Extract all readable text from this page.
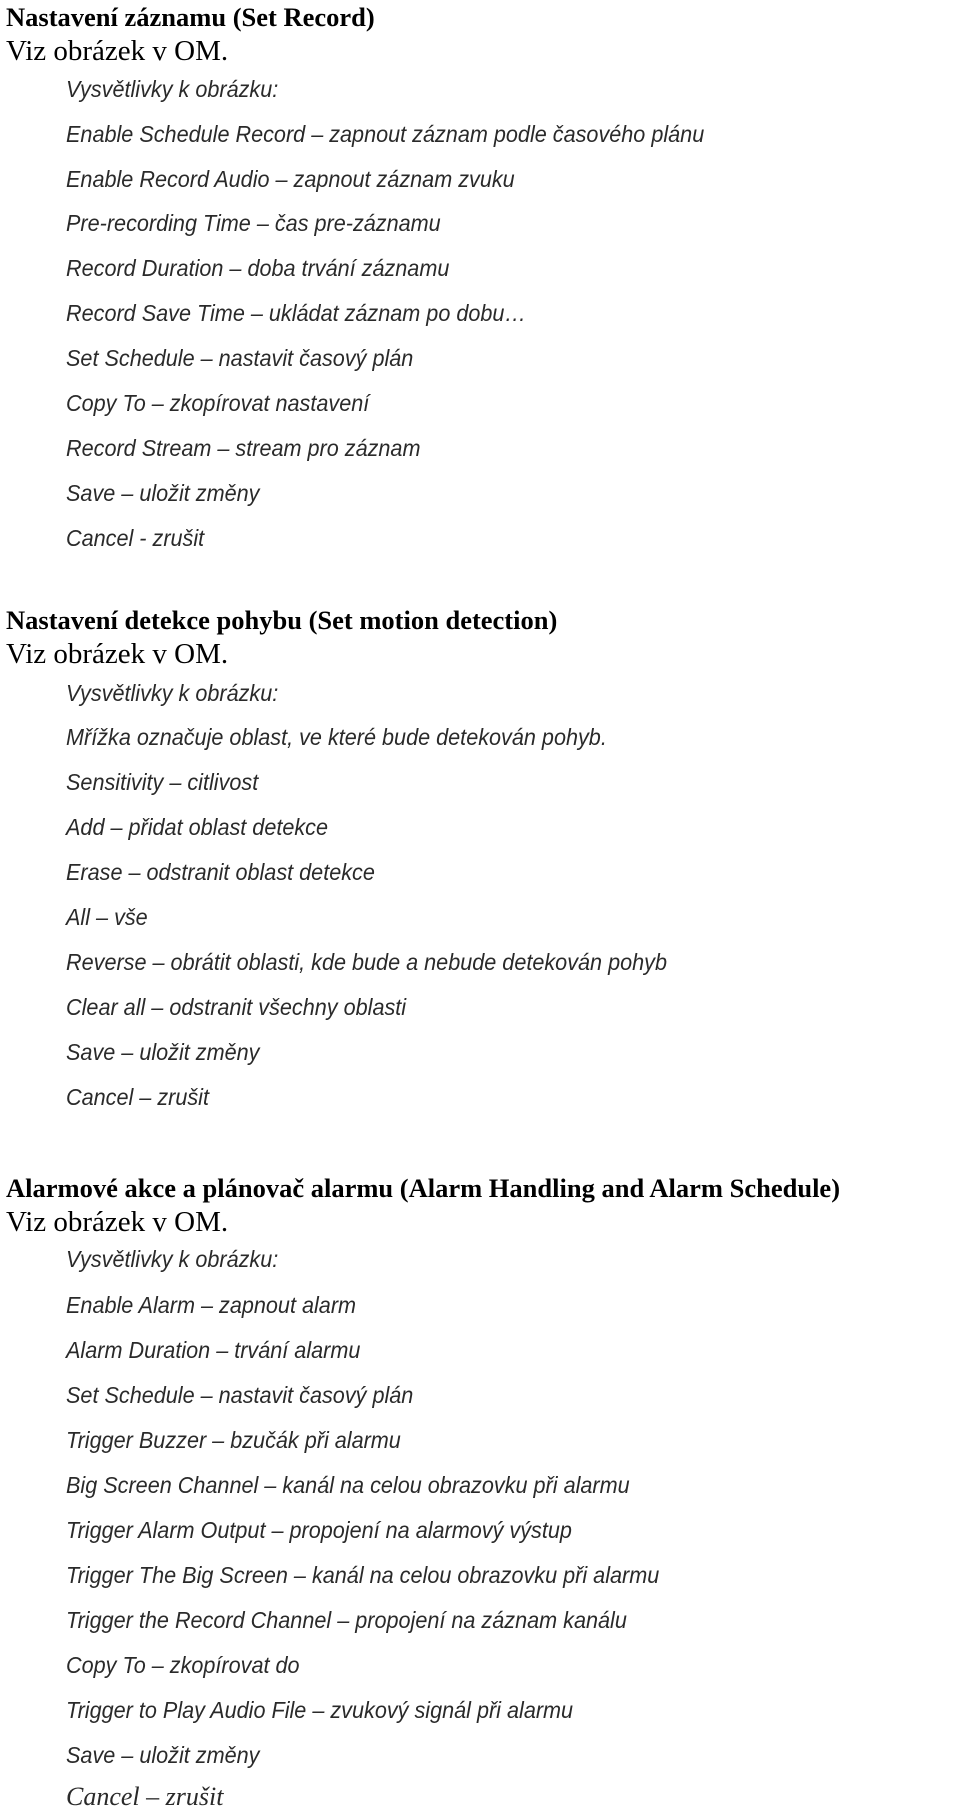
Nastavení záznamu (Set Record)

Viz obrázek v OM.

Vysvětlivky k obrázku:
Enable Schedule Record – zapnout záznam podle časového plánu
Enable Record Audio – zapnout záznam zvuku
Pre-recording Time – čas pre-záznamu
Record Duration – doba trvání záznamu
Record Save Time – ukládat záznam po dobu…
Set Schedule – nastavit časový plán
Copy To – zkopírovat nastavení
Record Stream – stream pro záznam
Save – uložit změny
Cancel - zrušit
Nastavení detekce pohybu (Set motion detection)

Viz obrázek v OM.

Vysvětlivky k obrázku:
Mřížka označuje oblast, ve které bude detekován pohyb.
Sensitivity – citlivost
Add – přidat oblast detekce
Erase – odstranit oblast detekce
All – vše
Reverse – obrátit oblasti, kde bude a nebude detekován pohyb
Clear all – odstranit všechny oblasti
Save – uložit změny
Cancel – zrušit
Alarmové akce a plánovač alarmu (Alarm Handling and Alarm Schedule)

Viz obrázek v OM.

Vysvětlivky k obrázku:
Enable Alarm – zapnout alarm
Alarm Duration – trvání alarmu
Set Schedule – nastavit časový plán
Trigger Buzzer – bzučák při alarmu
Big Screen Channel – kanál na celou obrazovku při alarmu
Trigger Alarm Output – propojení na alarmový výstup
Trigger The Big Screen – kanál na celou obrazovku při alarmu
Trigger the Record Channel – propojení na záznam kanálu
Copy To – zkopírovat do
Trigger to Play Audio File – zvukový signál při alarmu
Save – uložit změny
Cancel – zrušit
